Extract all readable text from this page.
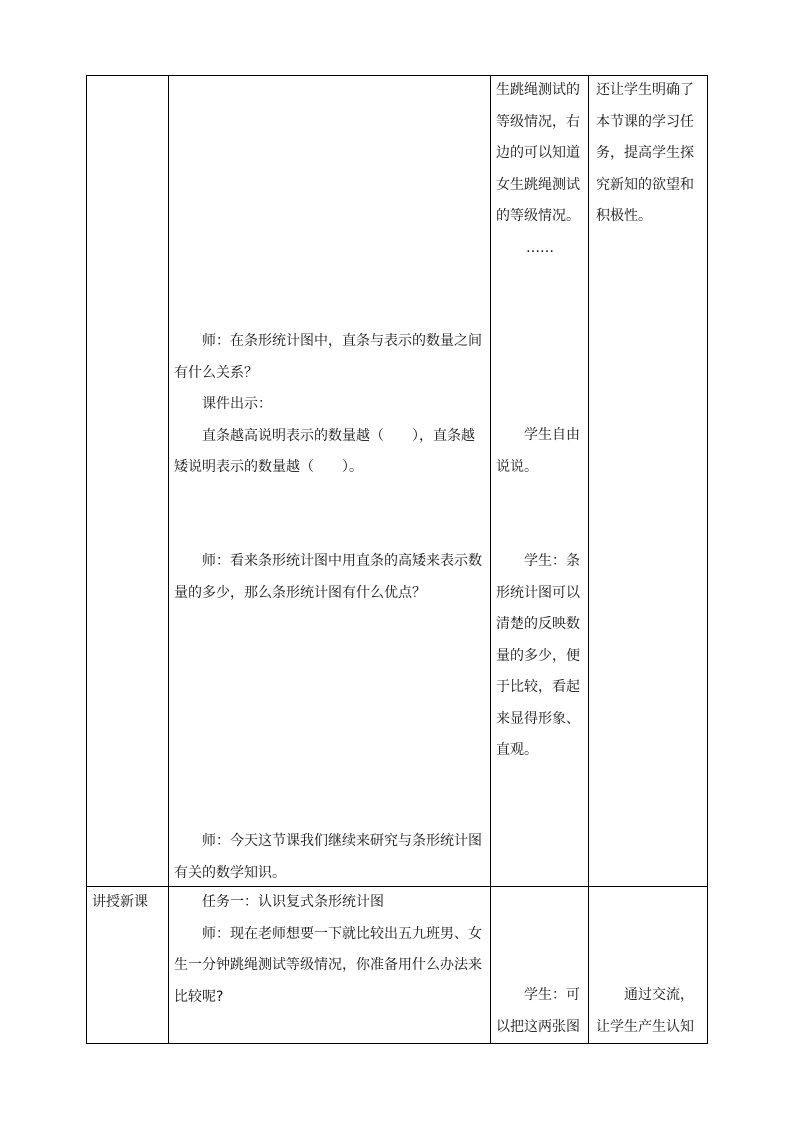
师：在条形统计图中，直条与表示的数量之间有什么关系？

课件出示：

直条越高说明表示的数量越（　　），直条越矮说明表示的数量越（　　）。

师：看来条形统计图中用直条的高矮来表示数量的多少，那么条形统计图有什么优点？

师：今天这节课我们继续来研究与条形统计图有关的数学知识。

生跳绳测试的等级情况，右边的可以知道女生跳绳测试的等级情况。

……

学生自由说说。

学生：条形统计图可以清楚的反映数量的多少，便于比较，看起来显得形象、直观。

还让学生明确了本节课的学习任务，提高学生探究新知的欲望和积极性。

讲授新课	任务一：认识复式条形统计图

师：现在老师想要一下就比较出五九班男、女生一分钟跳绳测试等级情况，你准备用什么办法来比较呢?	学生：可以把这两张图

通过交流，让学生产生认知
